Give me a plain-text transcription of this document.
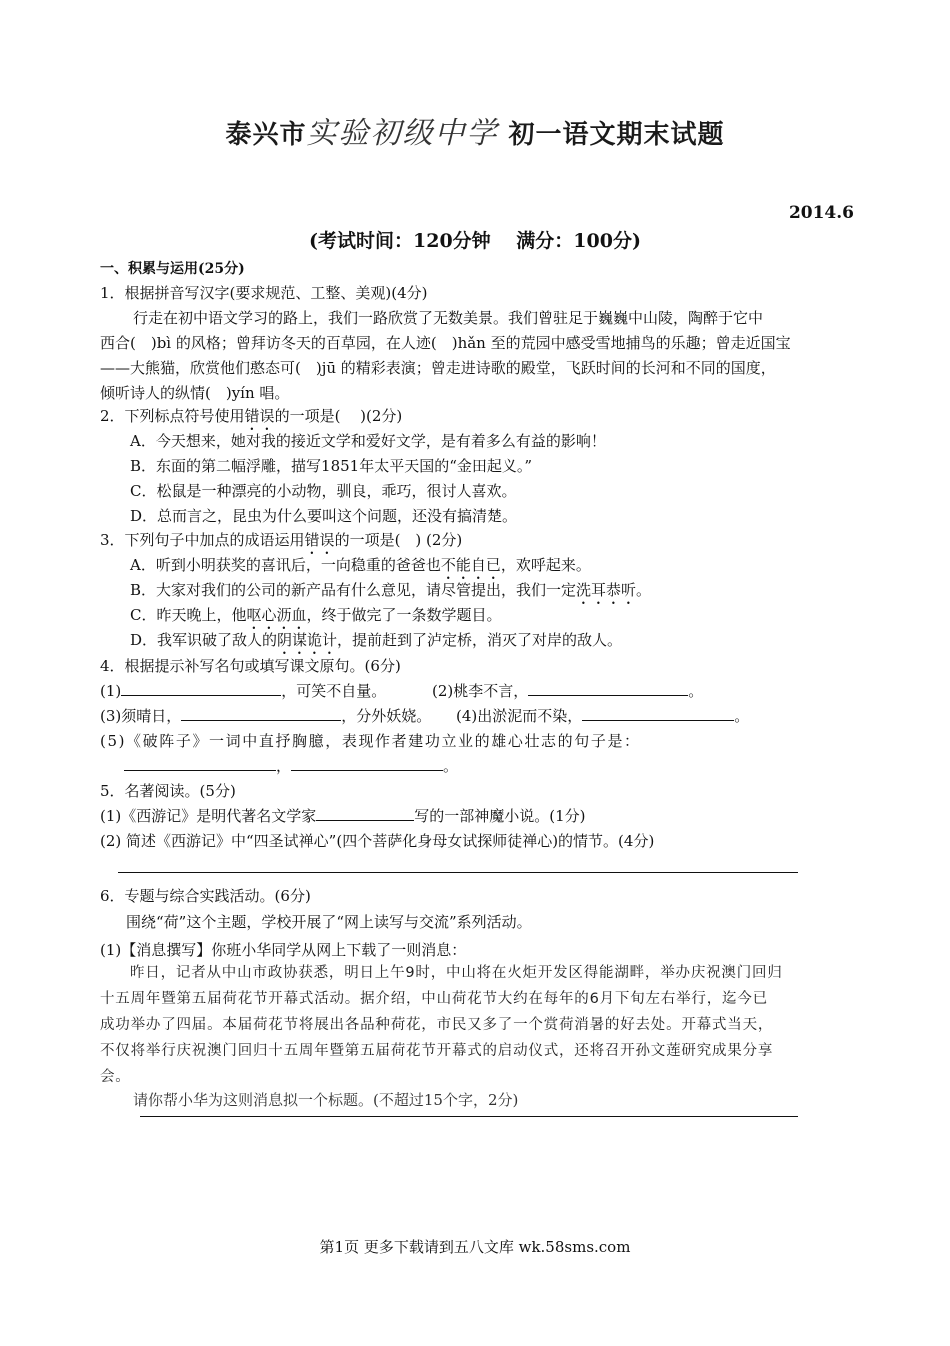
泰兴市实验初级中学 初一语文期末试题
2014.6
(考试时间：120分钟　 满分：100分)
一、积累与运用(25分)
1．根据拼音写汉字(要求规范、工整、美观)(4分)
行走在初中语文学习的路上，我们一路欣赏了无数美景。我们曾驻足于巍巍中山陵，陶醉于它中
西合(　)bì 的风格；曾拜访冬天的百草园，在人迹(　)hǎn 至的荒园中感受雪地捕鸟的乐趣；曾走近国宝
——大熊猫，欣赏他们憨态可(　)jū 的精彩表演；曾走进诗歌的殿堂，飞跃时间的长河和不同的国度，
倾听诗人的纵情(　)yín 唱。
2．下列标点符号使用错误的一项是(　 )(2分)
A．今天想来，她对我的接近文学和爱好文学，是有着多么有益的影响！
B．东面的第二幅浮雕，描写1851年太平天国的“金田起义。”
C．松鼠是一种漂亮的小动物，驯良，乖巧，很讨人喜欢。
D．总而言之，昆虫为什么要叫这个问题，还没有搞清楚。
3．下列句子中加点的成语运用错误的一项是(　) (2分)
A．听到小明获奖的喜讯后，一向稳重的爸爸也不能自已，欢呼起来。
B．大家对我们的公司的新产品有什么意见，请尽管提出，我们一定洗耳恭听。
C．昨天晚上，他呕心沥血，终于做完了一条数学题目。
D．我军识破了敌人的阴谋诡计，提前赶到了泸定桥，消灭了对岸的敌人。
4．根据提示补写名句或填写课文原句。(6分)
(1)	，可笑不自量。	(2)桃李不言，	。
(3)须晴日，	，分外妖娆。 (4)出淤泥而不染，	。
(5)《破阵子》一词中直抒胸臆，表现作者建功立业的雄心壮志的句子是：
，	。
5．名著阅读。(5分)
(1)《西游记》是明代著名文学家	写的一部神魔小说。(1分)
(2) 简述《西游记》中“四圣试禅心”(四个菩萨化身母女试探师徒禅心)的情节。(4分)
6．专题与综合实践活动。(6分)
围绕“荷”这个主题，学校开展了“网上读写与交流”系列活动。
(1)【消息撰写】你班小华同学从网上下载了一则消息：
昨日，记者从中山市政协获悉，明日上午9时，中山将在火炬开发区得能湖畔，举办庆祝澳门回归
十五周年暨第五届荷花节开幕式活动。据介绍，中山荷花节大约在每年的6月下旬左右举行，迄今已
成功举办了四届。本届荷花节将展出各品种荷花，市民又多了一个赏荷消暑的好去处。开幕式当天，
不仅将举行庆祝澳门回归十五周年暨第五届荷花节开幕式的启动仪式，还将召开孙文莲研究成果分享
会。
请你帮小华为这则消息拟一个标题。(不超过15个字，2分)
第1页 更多下载请到五八文库 wk.58sms.com
